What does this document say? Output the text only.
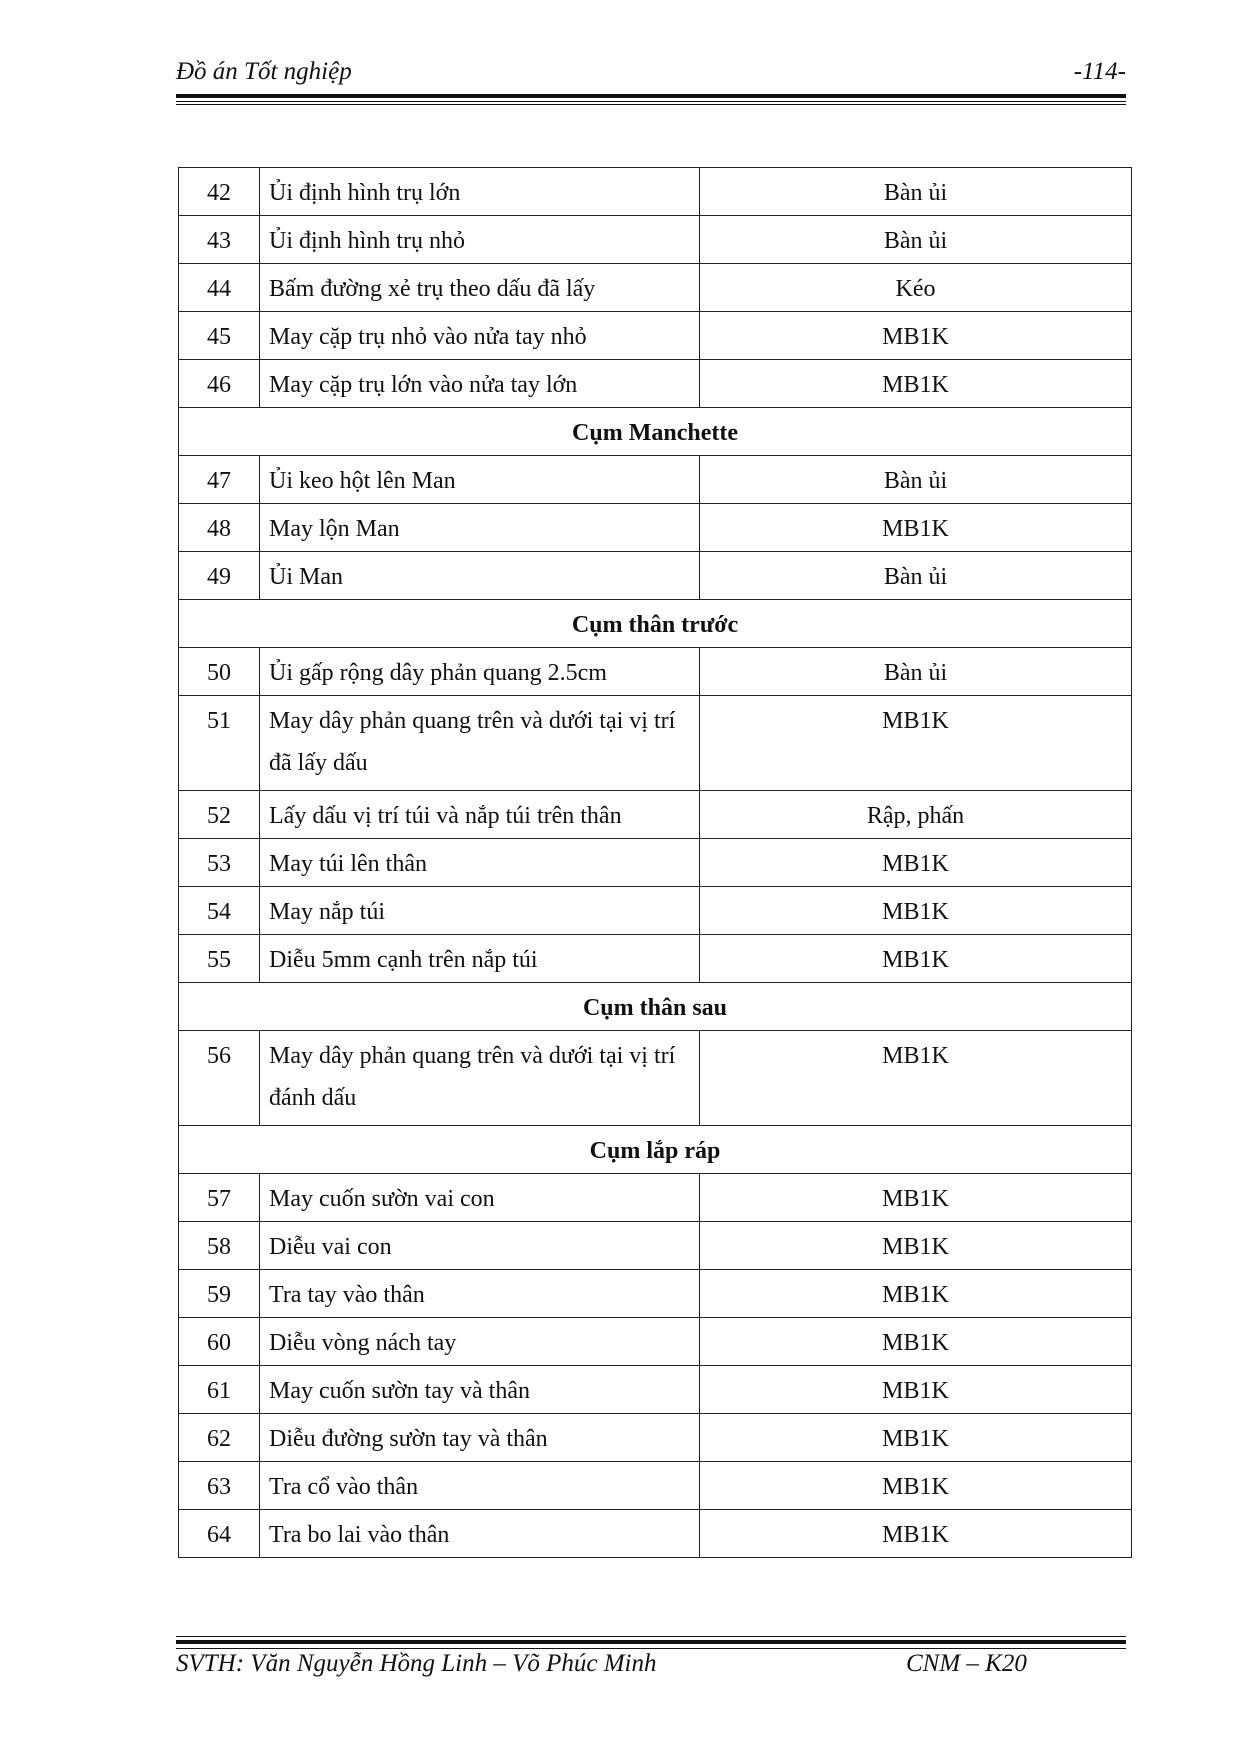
Đồ án Tốt nghiệp	-114-
42	Ủi định hình trụ lớn	Bàn ủi
43	Ủi định hình trụ nhỏ	Bàn ủi
44	Bấm đường xẻ trụ theo dấu đã lấy	Kéo
45	May cặp trụ nhỏ vào nửa tay nhỏ	MB1K
46	May cặp trụ lớn vào nửa tay lớn	MB1K
Cụm Manchette		
47	Ủi keo hột lên Man	Bàn ủi
48	May lộn Man	MB1K
49	Ủi Man	Bàn ủi
Cụm thân trước		
50	Ủi gấp rộng dây phản quang 2.5cm	Bàn ủi
51	May dây phản quang trên và dưới tại vị trí đã lấy dấu	MB1K
52	Lấy dấu vị trí túi và nắp túi trên thân	Rập, phấn
53	May túi lên thân	MB1K
54	May nắp túi	MB1K
55	Diễu 5mm cạnh trên nắp túi	MB1K
Cụm thân sau		
56	May dây phản quang trên và dưới tại vị trí đánh dấu	MB1K
Cụm lắp ráp		
57	May cuốn sườn vai con	MB1K
58	Diễu vai con	MB1K
59	Tra tay vào thân	MB1K
60	Diễu vòng nách tay	MB1K
61	May cuốn sườn tay và thân	MB1K
62	Diễu đường sườn tay và thân	MB1K
63	Tra cổ vào thân	MB1K
64	Tra bo lai vào thân	MB1K
SVTH: Văn Nguyễn Hồng Linh – Võ Phúc Minh	CNM – K20
